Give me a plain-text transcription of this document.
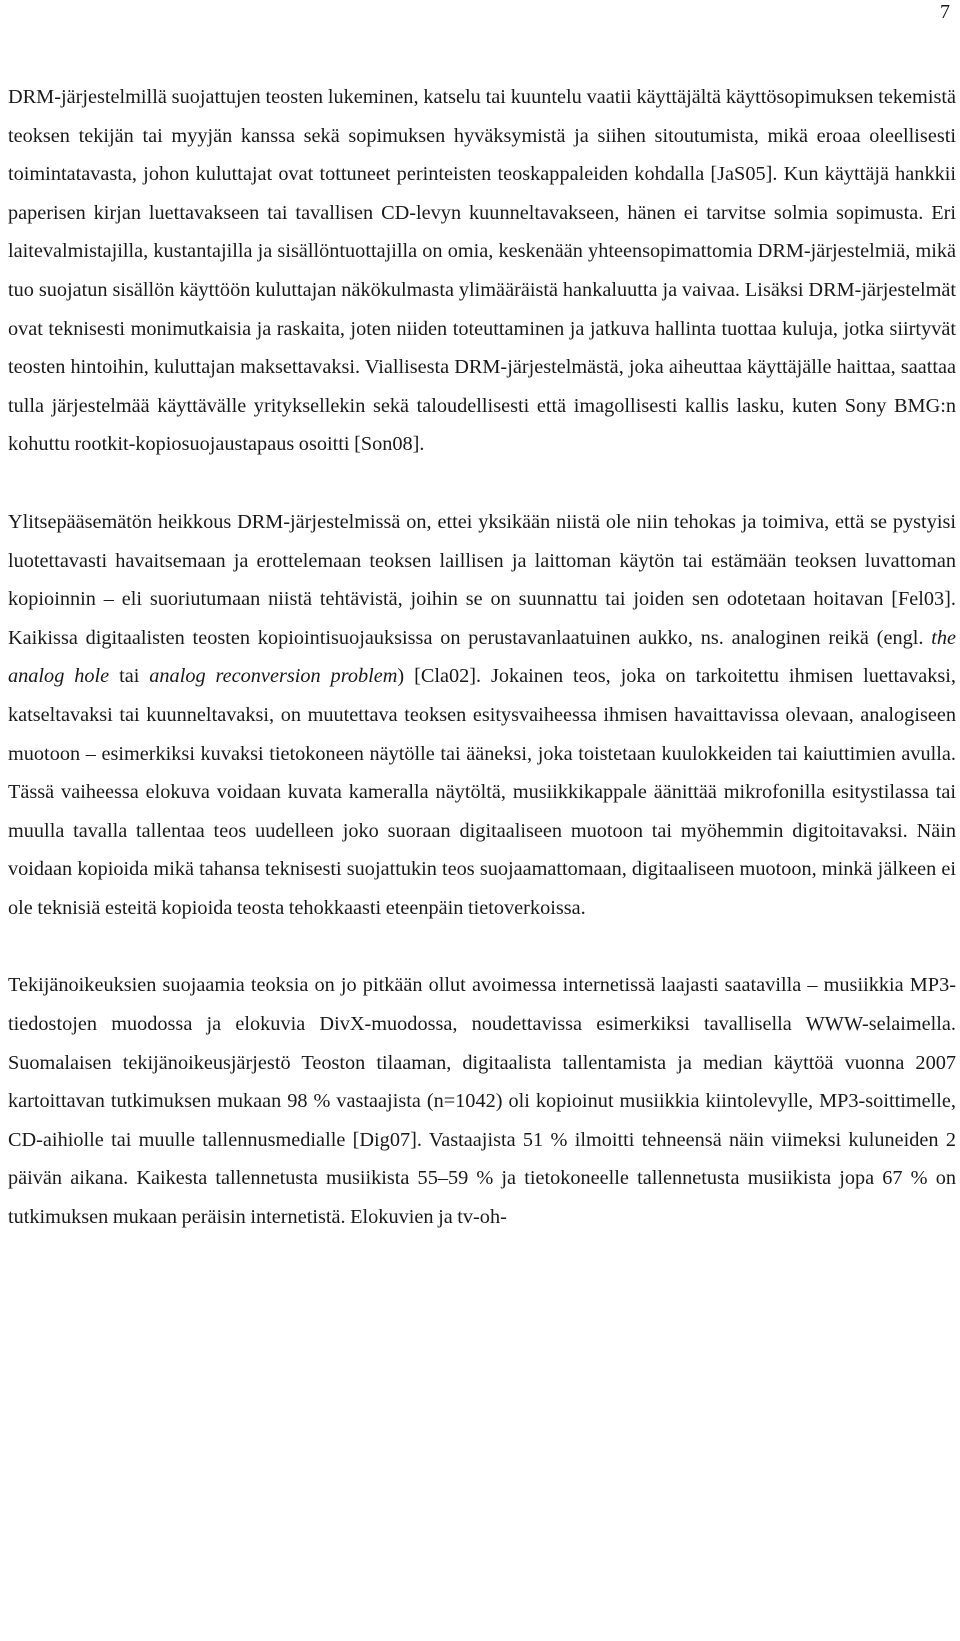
7

DRM-järjestelmillä suojattujen teosten lukeminen, katselu tai kuuntelu vaatii käyttäjältä käyttösopimuksen tekemistä teoksen tekijän tai myyjän kanssa sekä sopimuksen hyväksymistä ja siihen sitoutumista, mikä eroaa oleellisesti toimintatavasta, johon kuluttajat ovat tottuneet perinteisten teoskappaleiden kohdalla [JaS05]. Kun käyttäjä hankkii paperisen kirjan luettavakseen tai tavallisen CD-levyn kuunneltavakseen, hänen ei tarvitse solmia sopimusta. Eri laitevalmistajilla, kustantajilla ja sisällöntuottajilla on omia, keskenään yhteensopimattomia DRM-järjestelmiä, mikä tuo suojatun sisällön käyttöön kuluttajan näkökulmasta ylimääräistä hankaluutta ja vaivaa. Lisäksi DRM-järjestelmät ovat teknisesti monimutkaisia ja raskaita, joten niiden toteuttaminen ja jatkuva hallinta tuottaa kuluja, jotka siirtyvät teosten hintoihin, kuluttajan maksettavaksi. Viallisesta DRM-järjestelmästä, joka aiheuttaa käyttäjälle haittaa, saattaa tulla järjestelmää käyttävälle yrityksellekin sekä taloudellisesti että imagollisesti kallis lasku, kuten Sony BMG:n kohuttu rootkit-kopiosuojaustapaus osoitti [Son08].

Ylitsepääsemätön heikkous DRM-järjestelmissä on, ettei yksikään niistä ole niin tehokas ja toimiva, että se pystyisi luotettavasti havaitsemaan ja erottelemaan teoksen laillisen ja laittoman käytön tai estämään teoksen luvattoman kopioinnin – eli suoriutumaan niistä tehtävistä, joihin se on suunnattu tai joiden sen odotetaan hoitavan [Fel03]. Kaikissa digitaalisten teosten kopiointisuojauksissa on perustavanlaatuinen aukko, ns. analoginen reikä (engl. the analog hole tai analog reconversion problem) [Cla02]. Jokainen teos, joka on tarkoitettu ihmisen luettavaksi, katseltavaksi tai kuunneltavaksi, on muutettava teoksen esitysvaiheessa ihmisen havaittavissa olevaan, analogiseen muotoon – esimerkiksi kuvaksi tietokoneen näytölle tai ääneksi, joka toistetaan kuulokkeiden tai kaiuttimien avulla. Tässä vaiheessa elokuva voidaan kuvata kameralla näytöltä, musiikkikappale äänittää mikrofonilla esitystilassa tai muulla tavalla tallentaa teos uudelleen joko suoraan digitaaliseen muotoon tai myöhemmin digitoitavaksi. Näin voidaan kopioida mikä tahansa teknisesti suojattukin teos suojaamattomaan, digitaaliseen muotoon, minkä jälkeen ei ole teknisiä esteitä kopioida teosta tehokkaasti eteenpäin tietoverkoissa.

Tekijänoikeuksien suojaamia teoksia on jo pitkään ollut avoimessa internetissä laajasti saatavilla – musiikkia MP3-tiedostojen muodossa ja elokuvia DivX-muodossa, noudettavissa esimerkiksi tavallisella WWW-selaimella. Suomalaisen tekijänoikeusjärjestö Teoston tilaaman, digitaalista tallentamista ja median käyttöä vuonna 2007 kartoittavan tutkimuksen mukaan 98 % vastaajista (n=1042) oli kopioinut musiikkia kiintolevylle, MP3-soittimelle, CD-aihiolle tai muulle tallennusmedialle [Dig07]. Vastaajista 51 % ilmoitti tehneensä näin viimeksi kuluneiden 2 päivän aikana. Kaikesta tallennetusta musiikista 55–59 % ja tietokoneelle tallennetusta musiikista jopa 67 % on tutkimuksen mukaan peräisin internetistä. Elokuvien ja tv-oh-
